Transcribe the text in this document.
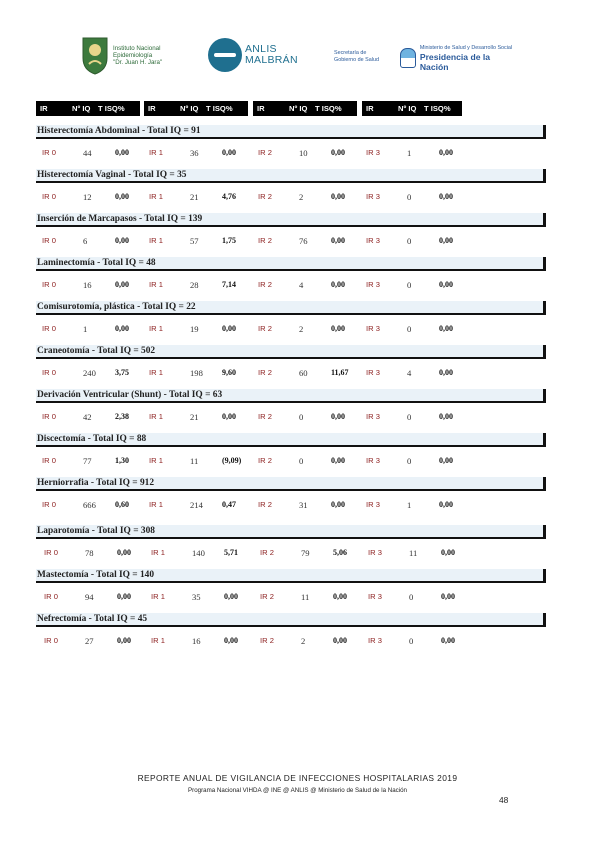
Instituto Nacional
Epidemiología
"Dr. Juan H. Jara"
ANLIS
MALBRÁN
Secretaría de
Gobierno de Salud
Ministerio de Salud y Desarrollo Social
Presidencia de la Nación
IR	Nº IQ T ISQ%	IR	Nº IQ T ISQ%	IR	Nº IQ T ISQ%	IR	Nº IQ T ISQ%
Histerectomía Abdominal - Total IQ = 91
IR 0	44	0,00	IR 1	36	0,00	IR 2	10	0,00	IR 3	1	0,00
Histerectomía Vaginal - Total IQ = 35
IR 0	12	0,00	IR 1	21	4,76	IR 2	2	0,00	IR 3	0	0,00
Inserción de Marcapasos - Total IQ = 139
IR 0	6	0,00	IR 1	57	1,75	IR 2	76	0,00	IR 3	0	0,00
Laminectomía - Total IQ = 48
IR 0	16	0,00	IR 1	28	7,14	IR 2	4	0,00	IR 3	0	0,00
Comisurotomía, plástica - Total IQ = 22
IR 0	1	0,00	IR 1	19	0,00	IR 2	2	0,00	IR 3	0	0,00
Craneotomía - Total IQ = 502
IR 0	240 3,75	IR 1	198 9,60	IR 2	60	11,67 IR 3	4	0,00
Derivación Ventricular (Shunt) - Total IQ = 63
IR 0	42	2,38	IR 1	21	0,00	IR 2	0	0,00	IR 3	0	0,00
Discectomía - Total IQ = 88
IR 0	77	1,30	IR 1	11	(9,09) IR 2	0	0,00	IR 3	0	0,00
Herniorrafia - Total IQ = 912
IR 0	666 0,60	IR 1	214 0,47	IR 2	31	0,00	IR 3	1	0,00
Laparotomía - Total IQ = 308
IR 0	78	0,00	IR 1	140 5,71	IR 2	79	5,06	IR 3	11	0,00
Mastectomía - Total IQ = 140
IR 0	94	0,00	IR 1	35	0,00	IR 2	11	0,00	IR 3	0	0,00
Nefrectomía - Total IQ = 45
IR 0	27	0,00	IR 1	16	0,00	IR 2	2	0,00	IR 3	0	0,00
REPORTE ANUAL DE VIGILANCIA DE INFECCIONES HOSPITALARIAS 2019
Programa Nacional VIHDA @ INE @ ANLIS @ Ministerio de Salud de la Nación
48
